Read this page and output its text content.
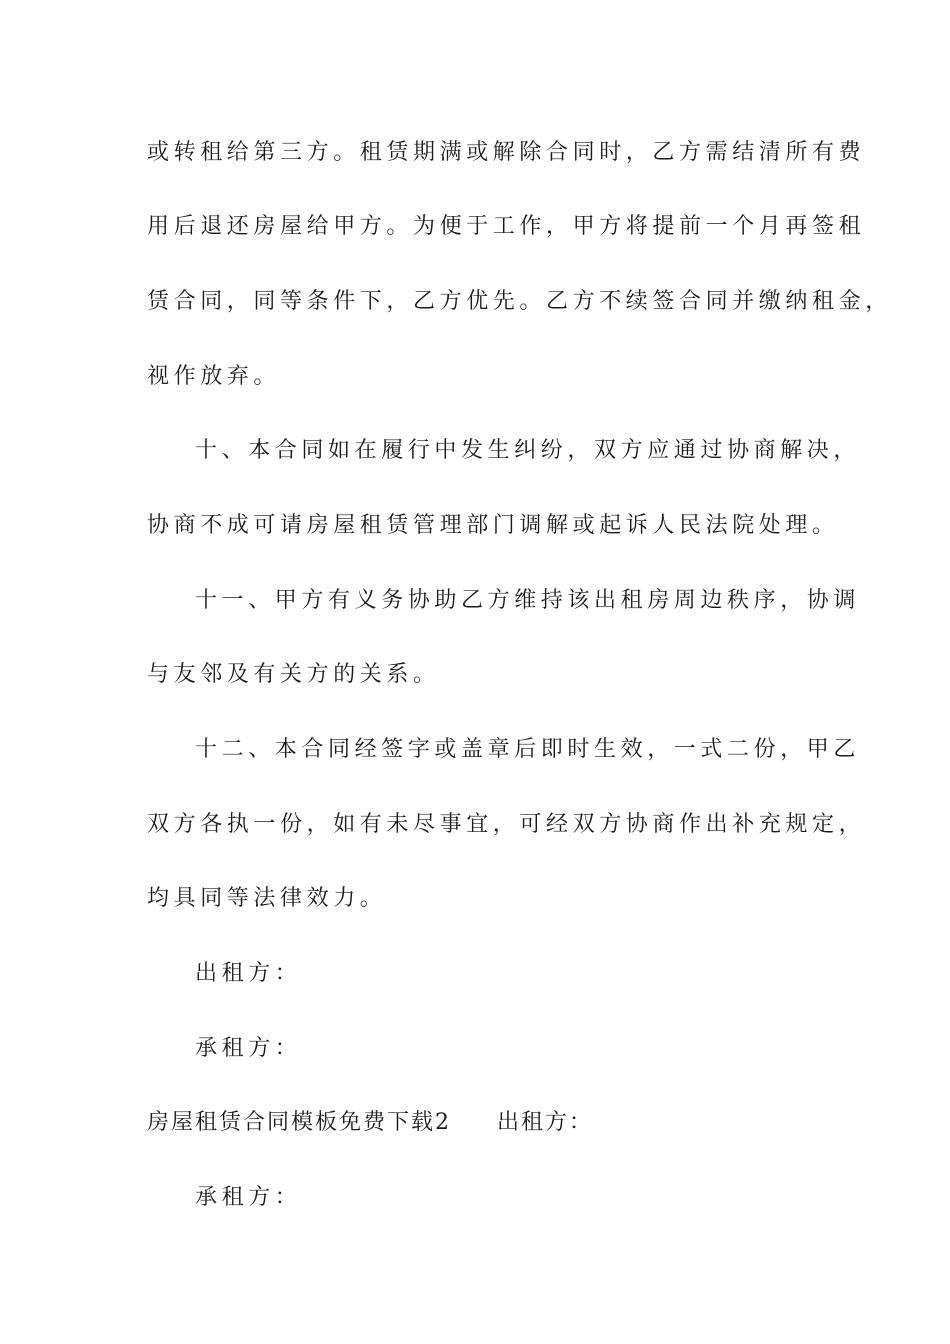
或转租给第三方。租赁期满或解除合同时，乙方需结清所有费
用后退还房屋给甲方。为便于工作，甲方将提前一个月再签租
赁合同，同等条件下，乙方优先。乙方不续签合同并缴纳租金，
视作放弃。
十、本合同如在履行中发生纠纷，双方应通过协商解决，
协商不成可请房屋租赁管理部门调解或起诉人民法院处理。
十一、甲方有义务协助乙方维持该出租房周边秩序，协调
与友邻及有关方的关系。
十二、本合同经签字或盖章后即时生效，一式二份，甲乙
双方各执一份，如有未尽事宜，可经双方协商作出补充规定，
均具同等法律效力。
出租方：
承租方：
房屋租赁合同模板免费下载2 出租方：
承租方：
